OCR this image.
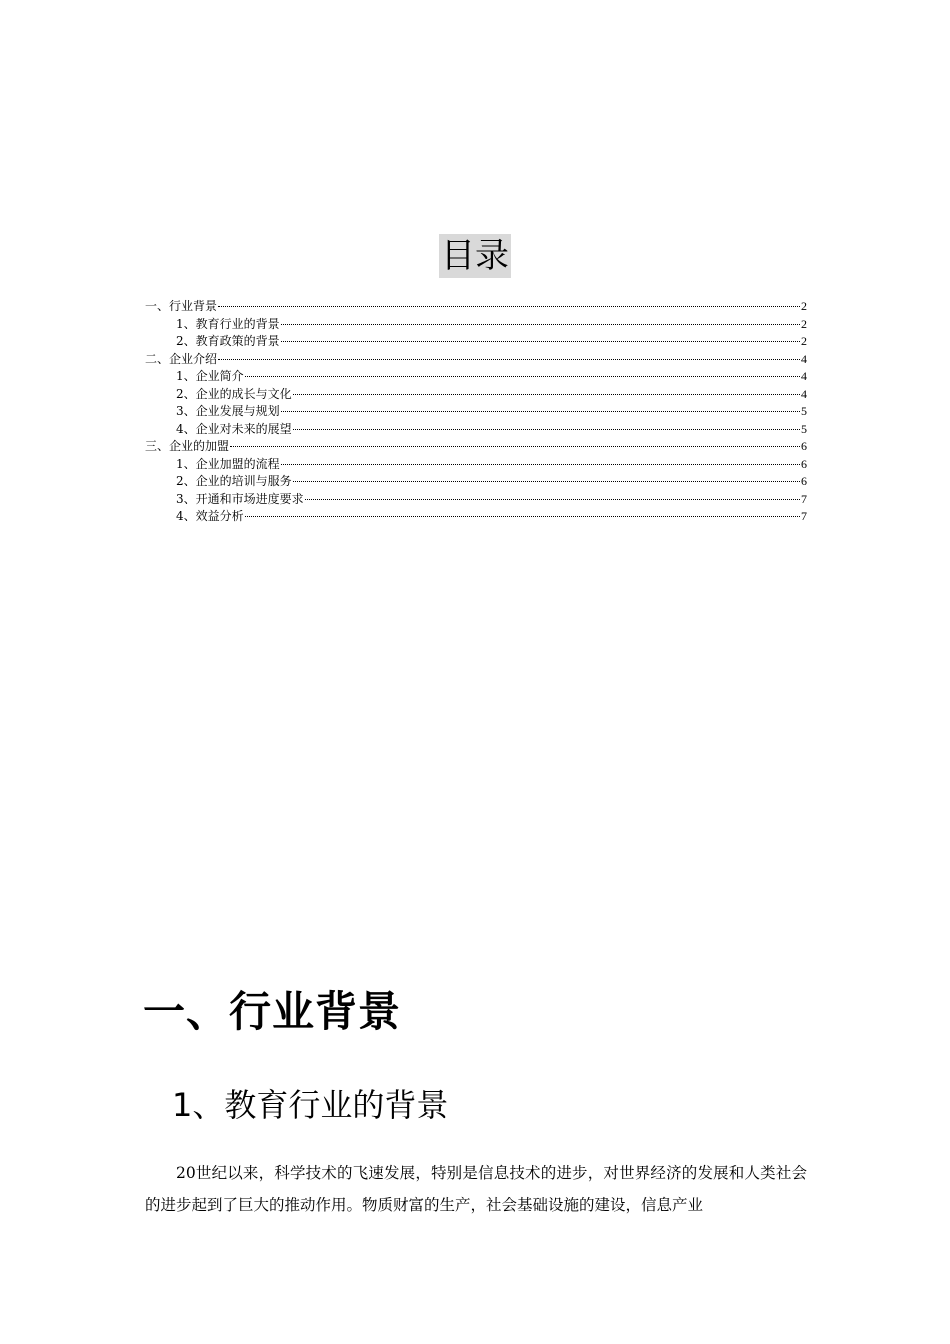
目录
一、行业背景	2
1、教育行业的背景	2
2、教育政策的背景	2
二、企业介绍	4
1、企业简介	4
2、企业的成长与文化	4
3、企业发展与规划	5
4、企业对未来的展望	5
三、企业的加盟	6
1、企业加盟的流程	6
2、企业的培训与服务	6
3、开通和市场进度要求	7
4、效益分析	7
一、行业背景
1、教育行业的背景
20世纪以来，科学技术的飞速发展，特别是信息技术的进步，对世界经济的发展和人类社会的进步起到了巨大的推动作用。物质财富的生产，社会基础设施的建设，信息产业
